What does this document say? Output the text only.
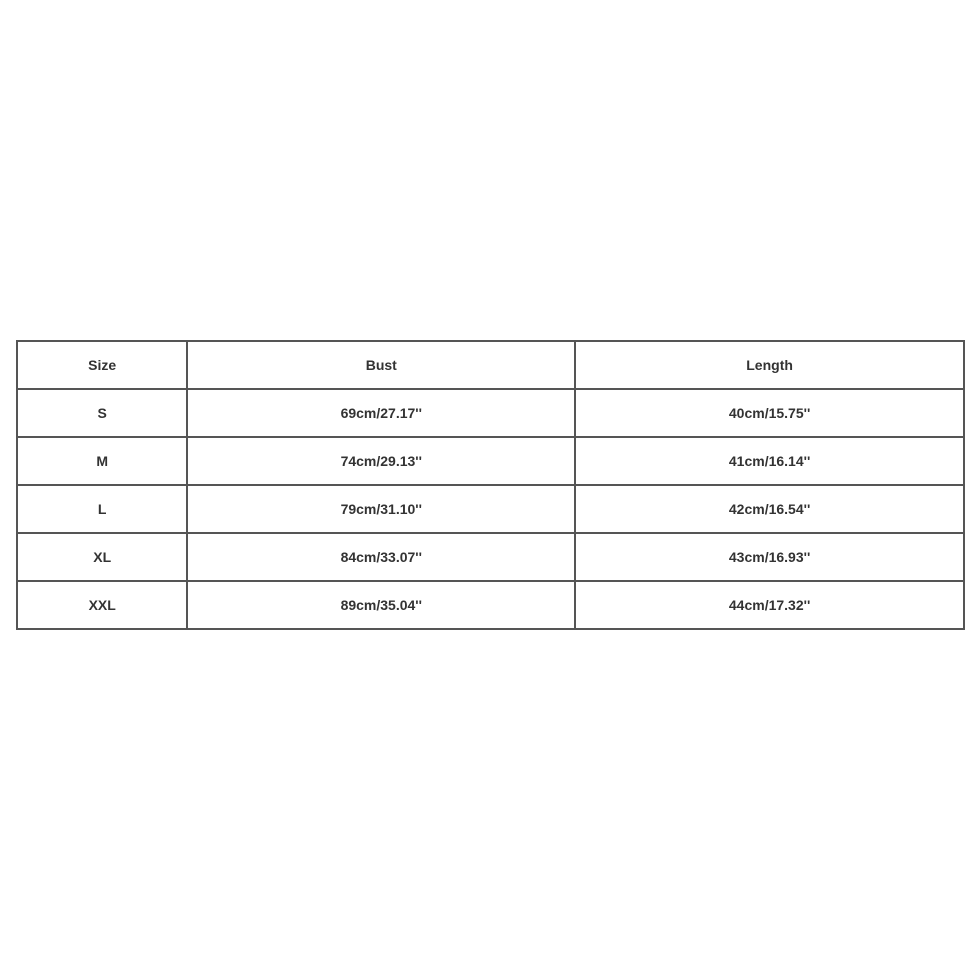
Size	Bust	Length
S	69cm/27.17''	40cm/15.75''
M	74cm/29.13''	41cm/16.14''
L	79cm/31.10''	42cm/16.54''
XL	84cm/33.07''	43cm/16.93''
XXL	89cm/35.04''	44cm/17.32''
